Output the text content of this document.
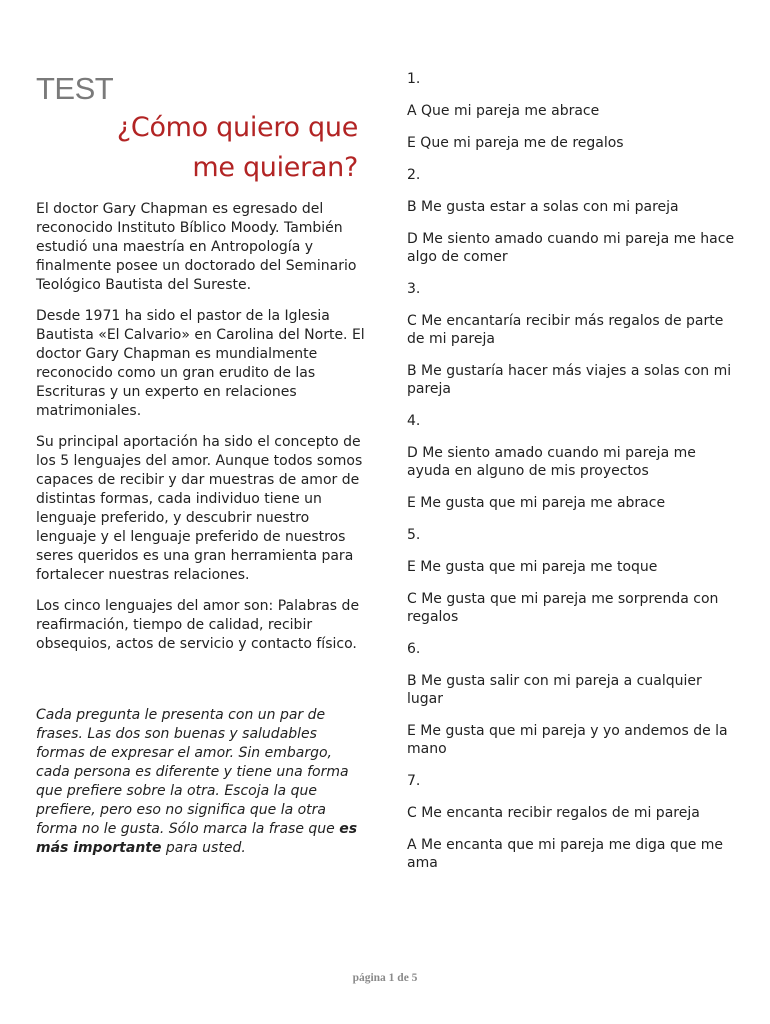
TEST

¿Cómo quiero que
me quieran?

El doctor Gary Chapman es egresado del reconocido Instituto Bíblico Moody. También estudió una maestría en Antropología y finalmente posee un doctorado del Seminario Teológico Bautista del Sureste.

Desde 1971 ha sido el pastor de la Iglesia Bautista «El Calvario» en Carolina del Norte. El doctor Gary Chapman es mundialmente reconocido como un gran erudito de las Escrituras y un experto en relaciones matrimoniales.

Su principal aportación ha sido el concepto de los 5 lenguajes del amor. Aunque todos somos capaces de recibir y dar muestras de amor de distintas formas, cada individuo tiene un lenguaje preferido, y descubrir nuestro lenguaje y el lenguaje preferido de nuestros seres queridos es una gran herramienta para fortalecer nuestras relaciones.

Los cinco lenguajes del amor son: Palabras de reafirmación, tiempo de calidad, recibir obsequios, actos de servicio y contacto físico.

Cada pregunta le presenta con un par de frases. Las dos son buenas y saludables formas de expresar el amor. Sin embargo, cada persona es diferente y tiene una forma que prefiere sobre la otra. Escoja la que prefiere, pero eso no significa que la otra forma no le gusta. Sólo marca la frase que es más importante para usted.

1.

A Que mi pareja me abrace

E Que mi pareja me de regalos

2.

B Me gusta estar a solas con mi pareja

D Me siento amado cuando mi pareja me hace algo de comer

3.

C Me encantaría recibir más regalos de parte de mi pareja

B Me gustaría hacer más viajes a solas con mi pareja

4.

D Me siento amado cuando mi pareja me ayuda en alguno de mis proyectos

E Me gusta que mi pareja me abrace

5.

E Me gusta que mi pareja me toque

C Me gusta que mi pareja me sorprenda con regalos

6.

B Me gusta salir con mi pareja a cualquier lugar

E Me gusta que mi pareja y yo andemos de la mano

7.

C Me encanta recibir regalos de mi pareja

A Me encanta que mi pareja me diga que me ama

página 1 de 5
